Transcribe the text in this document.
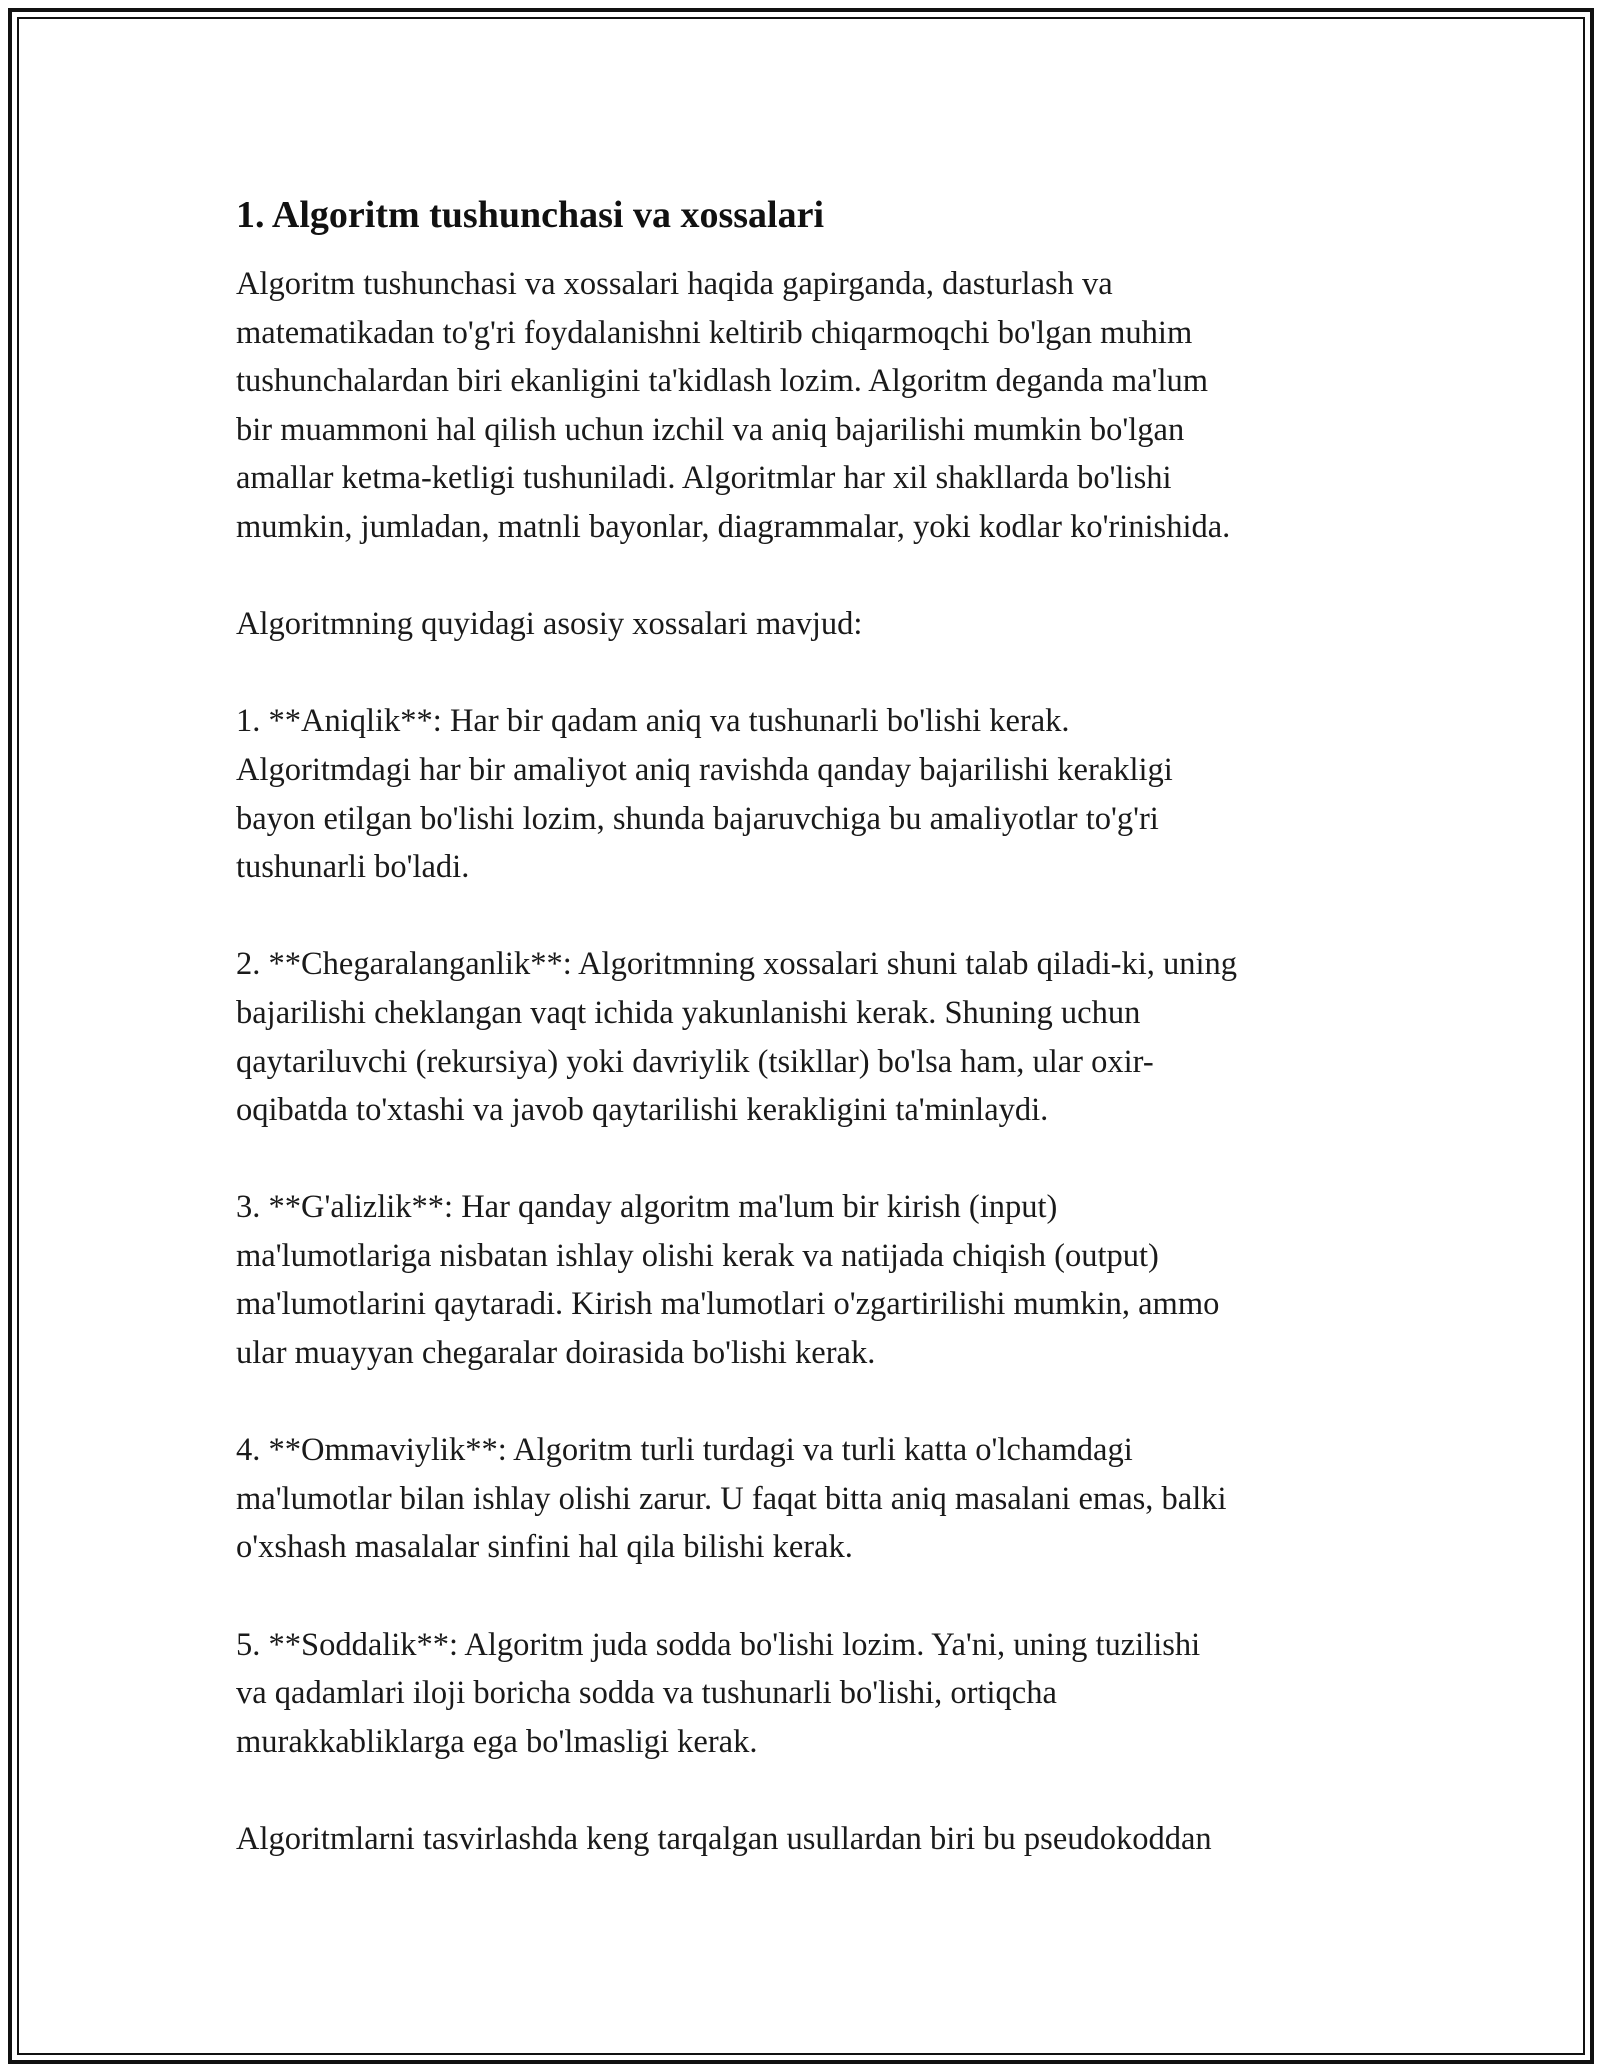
1. Algoritm tushunchasi va xossalari

Algoritm tushunchasi va xossalari haqida gapirganda, dasturlash va
matematikadan to'g'ri foydalanishni keltirib chiqarmoqchi bo'lgan muhim
tushunchalardan biri ekanligini ta'kidlash lozim. Algoritm deganda ma'lum
bir muammoni hal qilish uchun izchil va aniq bajarilishi mumkin bo'lgan
amallar ketma-ketligi tushuniladi. Algoritmlar har xil shakllarda bo'lishi
mumkin, jumladan, matnli bayonlar, diagrammalar, yoki kodlar ko'rinishida.

Algoritmning quyidagi asosiy xossalari mavjud:

1. **Aniqlik**: Har bir qadam aniq va tushunarli bo'lishi kerak.
Algoritmdagi har bir amaliyot aniq ravishda qanday bajarilishi kerakligi
bayon etilgan bo'lishi lozim, shunda bajaruvchiga bu amaliyotlar to'g'ri
tushunarli bo'ladi.

2. **Chegaralanganlik**: Algoritmning xossalari shuni talab qiladi-ki, uning
bajarilishi cheklangan vaqt ichida yakunlanishi kerak. Shuning uchun
qaytariluvchi (rekursiya) yoki davriylik (tsikllar) bo'lsa ham, ular oxir-
oqibatda to'xtashi va javob qaytarilishi kerakligini ta'minlaydi.

3. **G'alizlik**: Har qanday algoritm ma'lum bir kirish (input)
ma'lumotlariga nisbatan ishlay olishi kerak va natijada chiqish (output)
ma'lumotlarini qaytaradi. Kirish ma'lumotlari o'zgartirilishi mumkin, ammo
ular muayyan chegaralar doirasida bo'lishi kerak.

4. **Ommaviylik**: Algoritm turli turdagi va turli katta o'lchamdagi
ma'lumotlar bilan ishlay olishi zarur. U faqat bitta aniq masalani emas, balki
o'xshash masalalar sinfini hal qila bilishi kerak.

5. **Soddalik**: Algoritm juda sodda bo'lishi lozim. Ya'ni, uning tuzilishi
va qadamlari iloji boricha sodda va tushunarli bo'lishi, ortiqcha
murakkabliklarga ega bo'lmasligi kerak.

Algoritmlarni tasvirlashda keng tarqalgan usullardan biri bu pseudokoddan
